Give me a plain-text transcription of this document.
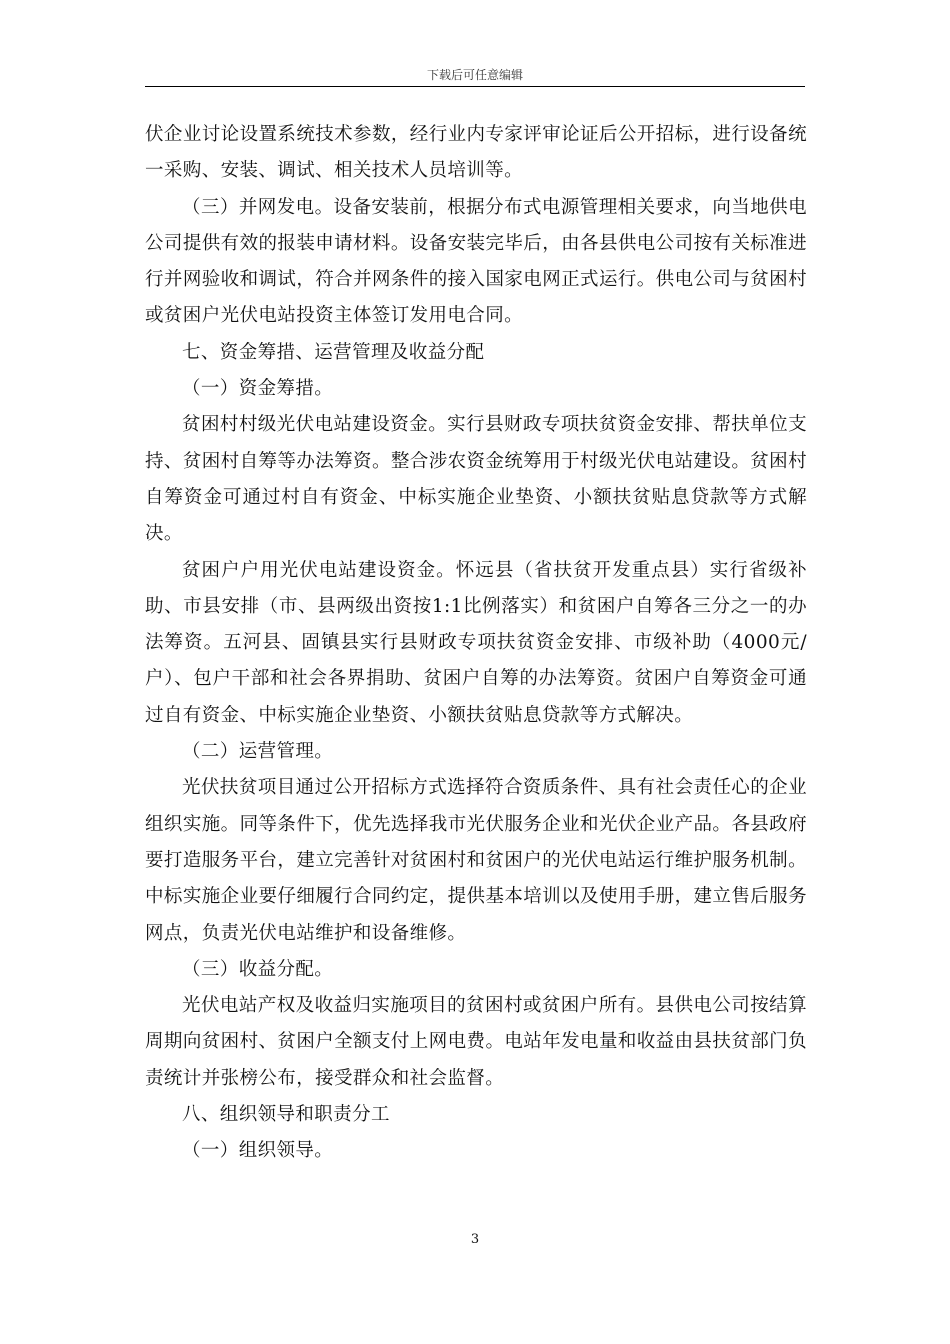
下载后可任意编辑

伏企业讨论设置系统技术参数，经行业内专家评审论证后公开招标，进行设备统一采购、安装、调试、相关技术人员培训等。

（三）并网发电。设备安装前，根据分布式电源管理相关要求，向当地供电公司提供有效的报装申请材料。设备安装完毕后，由各县供电公司按有关标准进行并网验收和调试，符合并网条件的接入国家电网正式运行。供电公司与贫困村或贫困户光伏电站投资主体签订发用电合同。

七、资金筹措、运营管理及收益分配

（一）资金筹措。

贫困村村级光伏电站建设资金。实行县财政专项扶贫资金安排、帮扶单位支持、贫困村自筹等办法筹资。整合涉农资金统筹用于村级光伏电站建设。贫困村自筹资金可通过村自有资金、中标实施企业垫资、小额扶贫贴息贷款等方式解决。

贫困户户用光伏电站建设资金。怀远县（省扶贫开发重点县）实行省级补助、市县安排（市、县两级出资按1:1比例落实）和贫困户自筹各三分之一的办法筹资。五河县、固镇县实行县财政专项扶贫资金安排、市级补助（4000元/户）、包户干部和社会各界捐助、贫困户自筹的办法筹资。贫困户自筹资金可通过自有资金、中标实施企业垫资、小额扶贫贴息贷款等方式解决。

（二）运营管理。

光伏扶贫项目通过公开招标方式选择符合资质条件、具有社会责任心的企业组织实施。同等条件下，优先选择我市光伏服务企业和光伏企业产品。各县政府要打造服务平台，建立完善针对贫困村和贫困户的光伏电站运行维护服务机制。中标实施企业要仔细履行合同约定，提供基本培训以及使用手册，建立售后服务网点，负责光伏电站维护和设备维修。

（三）收益分配。

光伏电站产权及收益归实施项目的贫困村或贫困户所有。县供电公司按结算周期向贫困村、贫困户全额支付上网电费。电站年发电量和收益由县扶贫部门负责统计并张榜公布，接受群众和社会监督。

八、组织领导和职责分工

（一）组织领导。

3
